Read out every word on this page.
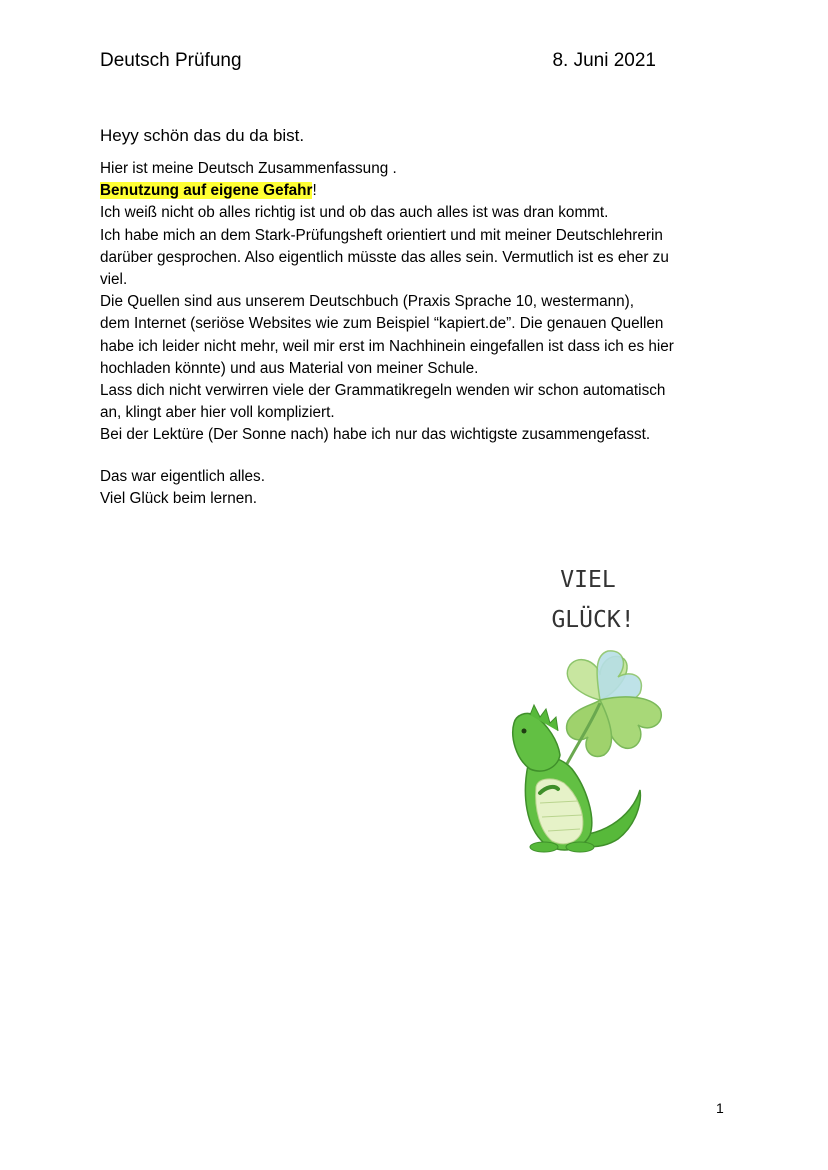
Deutsch Prüfung	8. Juni 2021
Heyy schön das du da bist.
Hier ist meine Deutsch Zusammenfassung .
Benutzung auf eigene Gefahr!
Ich weiß nicht ob alles richtig ist und ob das auch alles ist was dran kommt.
Ich habe mich an dem Stark-Prüfungsheft orientiert und mit meiner Deutschlehrerin
darüber gesprochen. Also eigentlich müsste das alles sein. Vermutlich ist es eher zu
viel.
Die Quellen sind aus unserem Deutschbuch (Praxis Sprache 10, westermann),
dem Internet (seriöse Websites wie zum Beispiel “kapiert.de”. Die genauen Quellen
habe ich leider nicht mehr, weil mir erst im Nachhinein eingefallen ist dass ich es hier
hochladen könnte) und aus Material von meiner Schule.
Lass dich nicht verwirren viele der Grammatikregeln wenden wir schon automatisch
an, klingt aber hier voll kompliziert.
Bei der Lektüre (Der Sonne nach) habe ich nur das wichtigste zusammengefasst.
Das war eigentlich alles.
Viel Glück beim lernen.
VIEL
GLÜCK!
1
